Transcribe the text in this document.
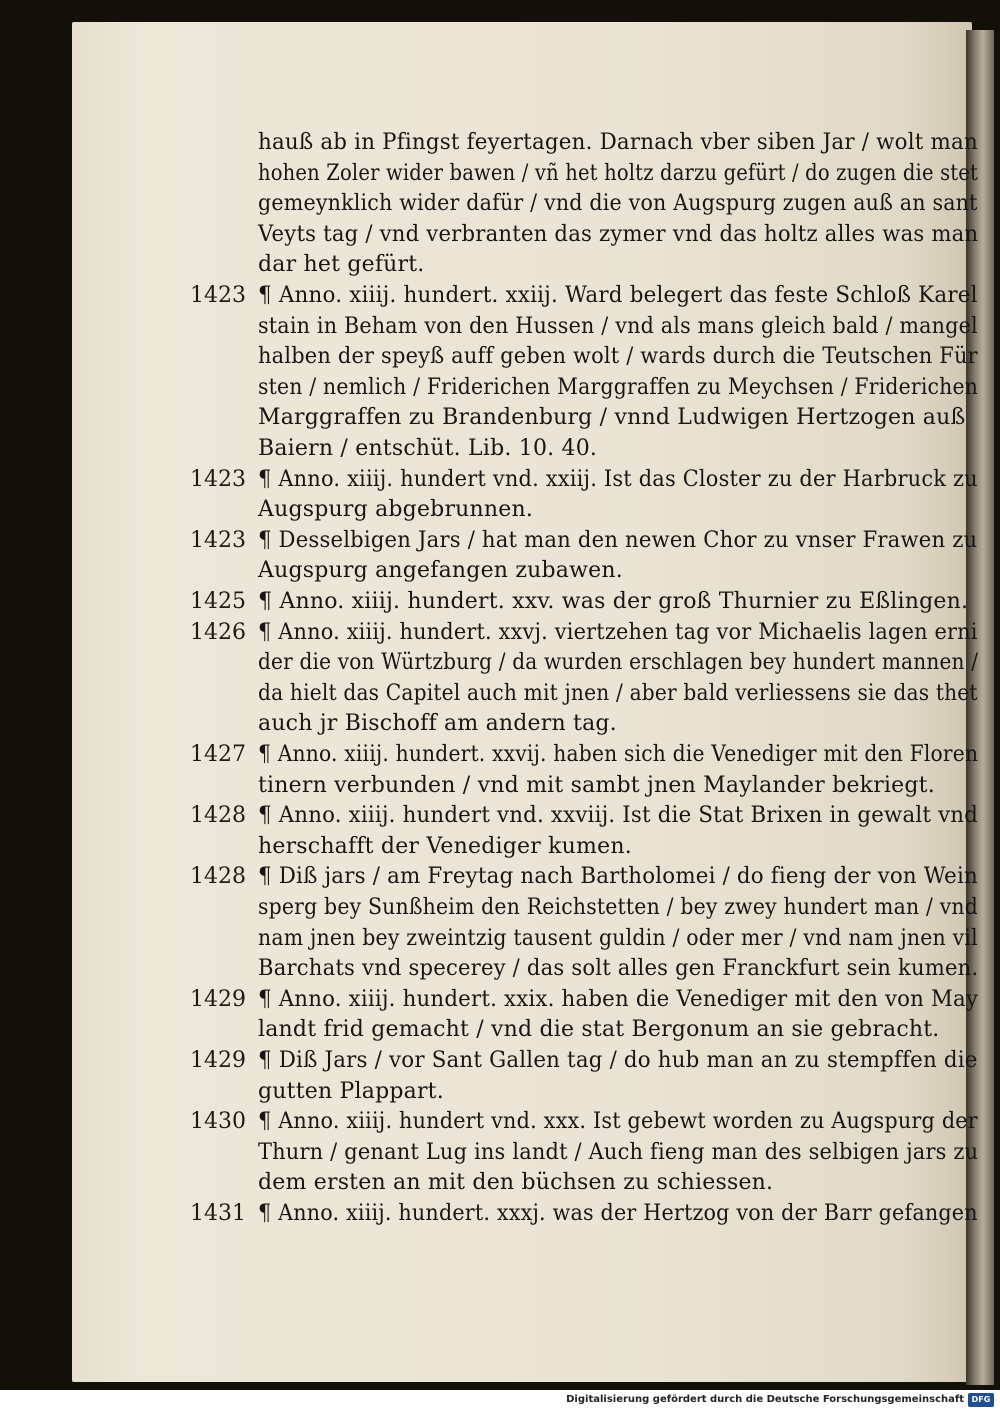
hauß ab in Pfingst feyertagen. Darnach vber siben Jar / wolt man
hohen Zoler wider bawen / vñ het holtz darzu gefürt / do zugen die stet
gemeynklich wider dafür / vnd die von Augspurg zugen auß an sant
Veyts tag / vnd verbranten das zymer vnd das holtz alles was man
dar het gefürt.
1423 ¶ Anno. xiiij. hundert. xxiij. Ward belegert das feste Schloß Karel
stain in Beham von den Hussen / vnd als mans gleich bald / mangel
halben der speyß auff geben wolt / wards durch die Teutschen Für
sten / nemlich / Friderichen Marggraffen zu Meychsen / Friderichen
Marggraffen zu Brandenburg / vnnd Ludwigen Hertzogen auß
Baiern / entschüt. Lib. 10. 40.
1423 ¶ Anno. xiiij. hundert vnd. xxiij. Ist das Closter zu der Harbruck zu
Augspurg abgebrunnen.
1423 ¶ Desselbigen Jars / hat man den newen Chor zu vnser Frawen zu
Augspurg angefangen zubawen.
1425 ¶ Anno. xiiij. hundert. xxv. was der groß Thurnier zu Eßlingen.
1426 ¶ Anno. xiiij. hundert. xxvj. viertzehen tag vor Michaelis lagen erni
der die von Würtzburg / da wurden erschlagen bey hundert mannen /
da hielt das Capitel auch mit jnen / aber bald verliessens sie das thet
auch jr Bischoff am andern tag.
1427 ¶ Anno. xiiij. hundert. xxvij. haben sich die Venediger mit den Floren
tinern verbunden / vnd mit sambt jnen Maylander bekriegt.
1428 ¶ Anno. xiiij. hundert vnd. xxviij. Ist die Stat Brixen in gewalt vnd
herschafft der Venediger kumen.
1428 ¶ Diß jars / am Freytag nach Bartholomei / do fieng der von Wein
sperg bey Sunßheim den Reichstetten / bey zwey hundert man / vnd
nam jnen bey zweintzig tausent guldin / oder mer / vnd nam jnen vil
Barchats vnd specerey / das solt alles gen Franckfurt sein kumen.
1429 ¶ Anno. xiiij. hundert. xxix. haben die Venediger mit den von May
landt frid gemacht / vnd die stat Bergonum an sie gebracht.
1429 ¶ Diß Jars / vor Sant Gallen tag / do hub man an zu stempffen die
gutten Plappart.
1430 ¶ Anno. xiiij. hundert vnd. xxx. Ist gebewt worden zu Augspurg der
Thurn / genant Lug ins landt / Auch fieng man des selbigen jars zu
dem ersten an mit den büchsen zu schiessen.
1431 ¶ Anno. xiiij. hundert. xxxj. was der Hertzog von der Barr gefangen
Digitalisierung gefördert durch die Deutsche Forschungsgemeinschaft DFG
